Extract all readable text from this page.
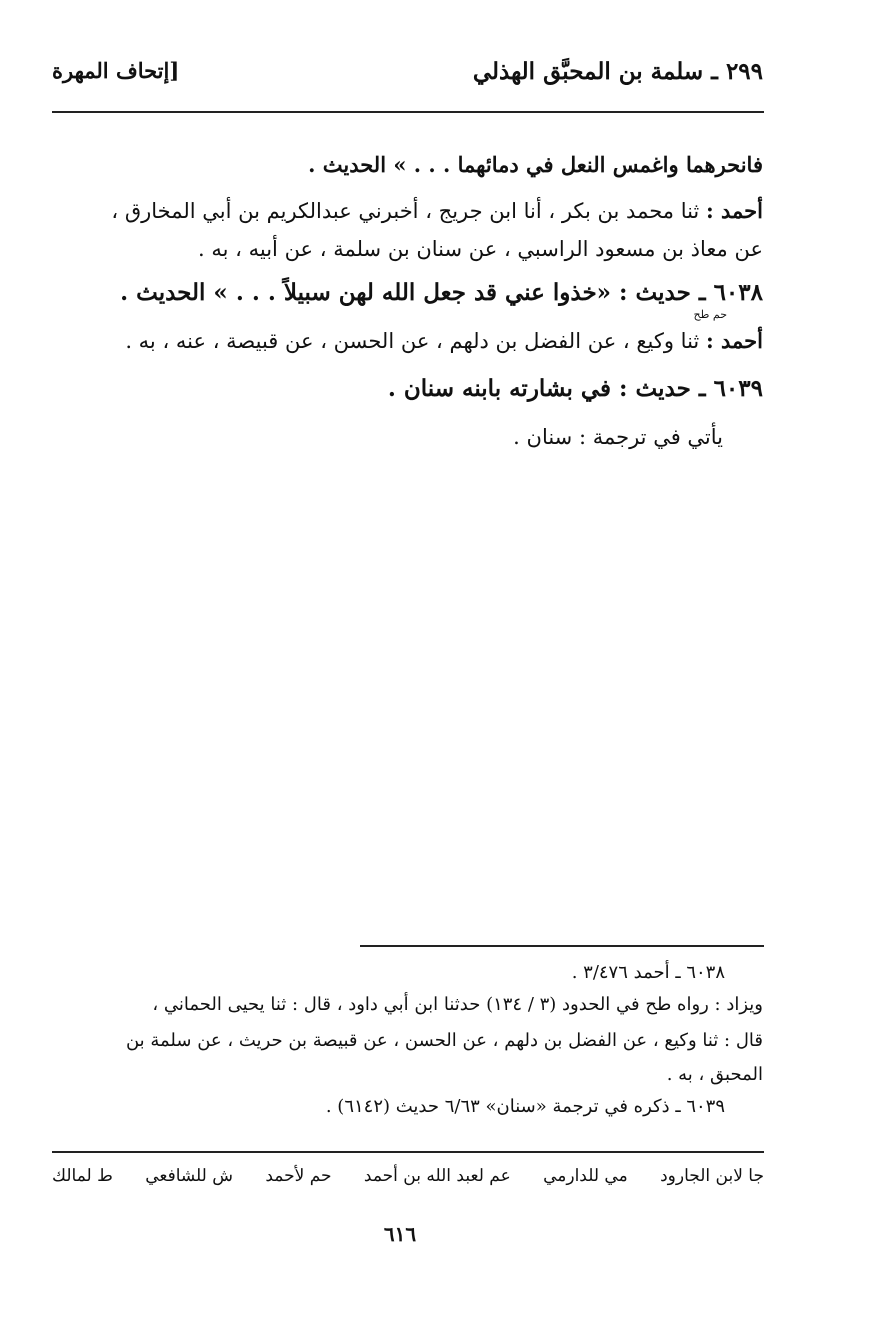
٢٩٩ ـ سلمة بن المحبَّق الهذلي
[إتحاف المهرة
فانحرهما واغمس النعل في دمائهما . . . » الحديث .
أحمد : ثنا محمد بن بكر ، أنا ابن جريج ، أخبرني عبدالكريم بن أبي المخارق ،
عن معاذ بن مسعود الراسبي ، عن سنان بن سلمة ، عن أبيه ، به .
٦٠٣٨ ـ حديث : «خذوا عني قد جعل الله لهن سبيلاً . . . » الحديث .
حم طح
أحمد : ثنا وكيع ، عن الفضل بن دلهم ، عن الحسن ، عن قبيصة ، عنه ، به .
٦٠٣٩ ـ حديث : في بشارته بابنه سنان .
يأتي في ترجمة : سنان .
٦٠٣٨ ـ أحمد ٣/٤٧٦ .
ويزاد : رواه طح في الحدود (٣ / ١٣٤) حدثنا ابن أبي داود ، قال : ثنا يحيى الحماني ،
قال : ثنا وكيع ، عن الفضل بن دلهم ، عن الحسن ، عن قبيصة بن حريث ، عن سلمة بن
المحبق ، به .
٦٠٣٩ ـ ذكره في ترجمة «سنان» ٦/٦٣ حديث (٦١٤٢) .
ط لمالك ش للشافعي حم لأحمد عم لعبد الله بن أحمد مي للدارمي جا لابن الجارود
٦١٦
